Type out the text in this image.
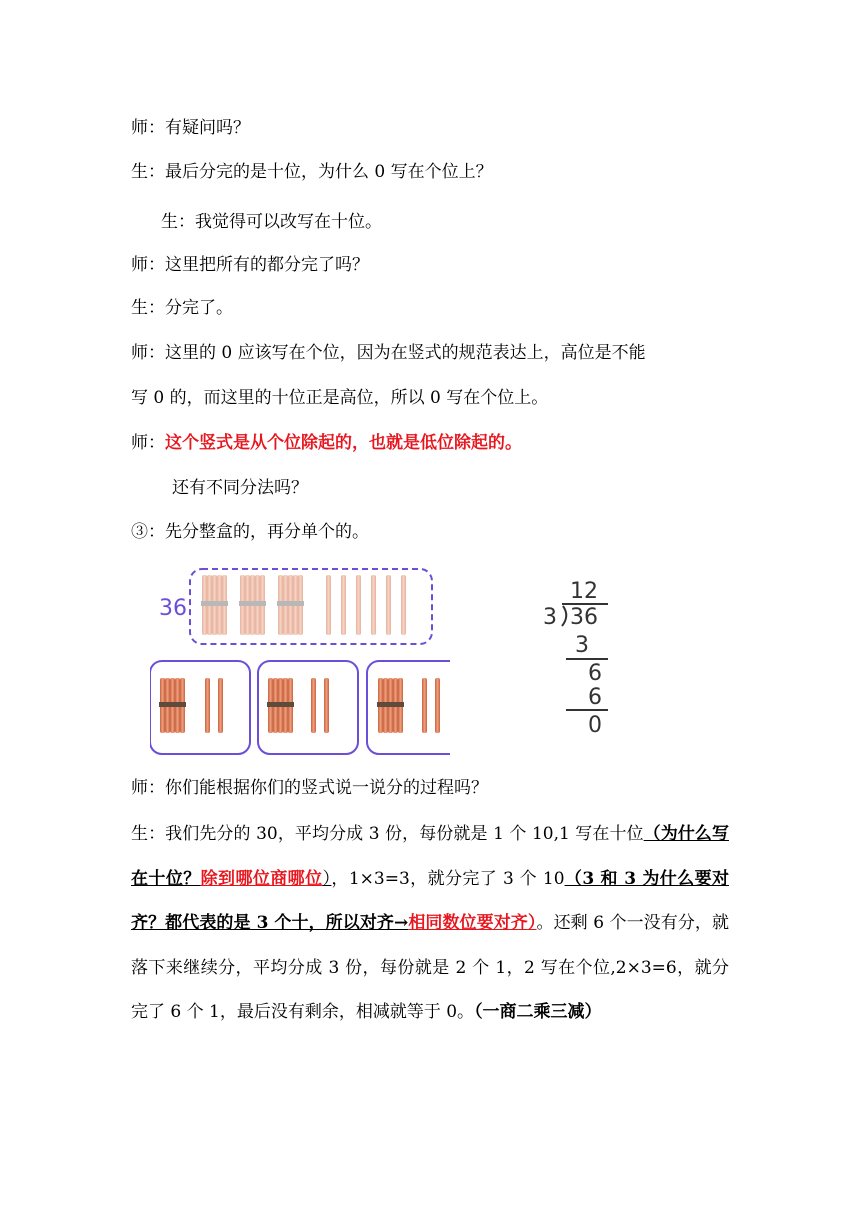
师：有疑问吗？
生：最后分完的是十位，为什么 0 写在个位上？
生：我觉得可以改写在十位。
师：这里把所有的都分完了吗？
生：分完了。
师：这里的 0 应该写在个位，因为在竖式的规范表达上，高位是不能
写 0 的，而这里的十位正是高位，所以 0 写在个位上。
师：这个竖式是从个位除起的，也就是低位除起的。
还有不同分法吗？
③：先分整盒的，再分单个的。
36
12
3 36
3
6
6
0
师：你们能根据你们的竖式说一说分的过程吗？
生：我们先分的 30，平均分成 3 份，每份就是 1 个 10,1 写在十位（为什么写在十位？除到哪位商哪位），1×3=3，就分完了 3 个 10（3 和 3 为什么要对齐？都代表的是 3 个十，所以对齐→相同数位要对齐）。还剩 6 个一没有分，就落下来继续分，平均分成 3 份，每份就是 2 个 1，2 写在个位,2×3=6，就分完了 6 个 1，最后没有剩余，相减就等于 0。（一商二乘三减）
